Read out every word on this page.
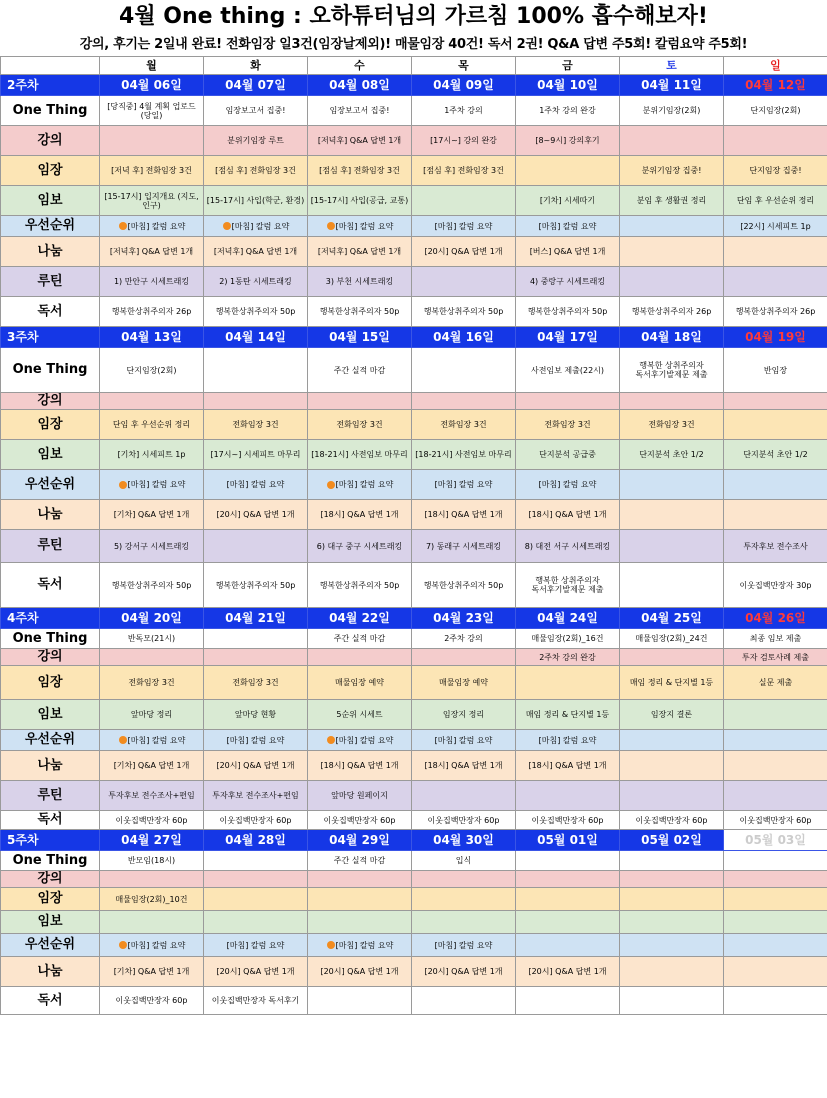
4월 One thing : 오하튜터님의 가르침 100% 흡수해보자!
강의, 후기는 2일내 완료! 전화임장 일3건(임장날제외)! 매물임장 40건! 독서 2권! Q&A 답변 주5회! 칼럼요약 주5회!
	월	화	수	목	금	토	일
2주차	04월 06일	04월 07일	04월 08일	04월 09일	04월 10일	04월 11일	04월 12일
One Thing	[당직중] 4월 계획 업로드(당일)	임장보고서 집중!	임장보고서 집중!	1주차 강의	1주차 강의 완강	분위기임장(2회)	단지임장(2회)
강의		분위기임장 루트	[저녁후] Q&A 답변 1개	[17시~] 강의 완강	[8~9시] 강의후기		
임장	[저녁 후] 전화임장 3건	[점심 후] 전화임장 3건	[점심 후] 전화임장 3건	[점심 후] 전화임장 3건		분위기임장 집중!	단지임장 집중!
임보	[15-17시] 입지개요 (지도, 인구)	[15-17시] 사입(학군, 환경)	[15-17시] 사입(공급, 교통)		[기차] 시세따기	분임 후 생활권 정리	단임 후 우선순위 정리
우선순위	[마침] 칼럼 요약	[마침] 칼럼 요약	[마침] 칼럼 요약	[마침] 칼럼 요약	[마침] 칼럼 요약		[22시] 시세피트 1p
나눔	[저녁후] Q&A 답변 1개	[저녁후] Q&A 답변 1개	[저녁후] Q&A 답변 1개	[20시] Q&A 답변 1개	[버스] Q&A 답변 1개		
루틴	1) 만안구 시세트래킹	2) 1동탄 시세트래킹	3) 부천 시세트래킹		4) 중랑구 시세트래킹		
독서	행복한상취주의자 26p	행복한상취주의자 50p	행복한상취주의자 50p	행복한상취주의자 50p	행복한상취주의자 50p	행복한상취주의자 26p	행복한상취주의자 26p
3주차	04월 13일	04월 14일	04월 15일	04월 16일	04월 17일	04월 18일	04월 19일
One Thing	단지임장(2회)		주간 실적 마감		사전임보 제출(22시)	행복한 상취주의자 독서후기발제문 제출	반임장
강의							
임장	단임 후 우선순위 정리	전화임장 3건	전화임장 3건	전화임장 3건	전화임장 3건	전화임장 3건	
임보	[기차] 시세피트 1p	[17시~] 시세피트 마무리	[18-21시] 사전임보 마무리	[18-21시] 사전임보 마무리	단지분석 공급중	단지분석 초안 1/2	단지분석 초안 1/2
우선순위	[마침] 칼럼 요약	[마침] 칼럼 요약	[마침] 칼럼 요약	[마침] 칼럼 요약	[마침] 칼럼 요약		
나눔	[기차] Q&A 답변 1개	[20시] Q&A 답변 1개	[18시] Q&A 답변 1개	[18시] Q&A 답변 1개	[18시] Q&A 답변 1개		
루틴	5) 강서구 시세트래킹		6) 대구 중구 시세트래킹	7) 동래구 시세트래킹	8) 대전 서구 시세트래킹		투자후보 전수조사
독서	행복한상취주의자 50p	행복한상취주의자 50p	행복한상취주의자 50p	행복한상취주의자 50p	행복한 상취주의자 독서후기발제문 제출		이웃집백만장자 30p
4주차	04월 20일	04월 21일	04월 22일	04월 23일	04월 24일	04월 25일	04월 26일
One Thing	반독모(21시)		주간 실적 마감	2주차 강의	매물임장(2회)_16건	매물임장(2회)_24건	최종 임보 제출
강의					2주차 강의 완강		투자 검토사례 제출
임장	전화임장 3건	전화임장 3건	매물임장 예약	매물임장 예약		매임 정리 & 단지별 1등	실문 제출
임보	앞마당 정리	앞마당 현황	5순위 시세트	임장지 정리	매임 정리 & 단지별 1등	임장지 결론	
우선순위	[마침] 칼럼 요약	[마침] 칼럼 요약	[마침] 칼럼 요약	[마침] 칼럼 요약	[마침] 칼럼 요약		
나눔	[기차] Q&A 답변 1개	[20시] Q&A 답변 1개	[18시] Q&A 답변 1개	[18시] Q&A 답변 1개	[18시] Q&A 답변 1개		
루틴	투자후보 전수조사+편임	투자후보 전수조사+편임	앞마당 원페이지				
독서	이웃집백만장자 60p	이웃집백만장자 60p	이웃집백만장자 60p	이웃집백만장자 60p	이웃집백만장자 60p	이웃집백만장자 60p	이웃집백만장자 60p
5주차	04월 27일	04월 28일	04월 29일	04월 30일	05월 01일	05월 02일	05월 03일
One Thing	반모임(18시)		주간 실적 마감	입식			
강의							
임장	매물임장(2회)_10건						
임보							
우선순위	[마침] 칼럼 요약	[마침] 칼럼 요약	[마침] 칼럼 요약	[마침] 칼럼 요약			
나눔	[기차] Q&A 답변 1개	[20시] Q&A 답변 1개	[20시] Q&A 답변 1개	[20시] Q&A 답변 1개	[20시] Q&A 답변 1개		
독서	이웃집백만장자 60p	이웃집백만장자 독서후기					
